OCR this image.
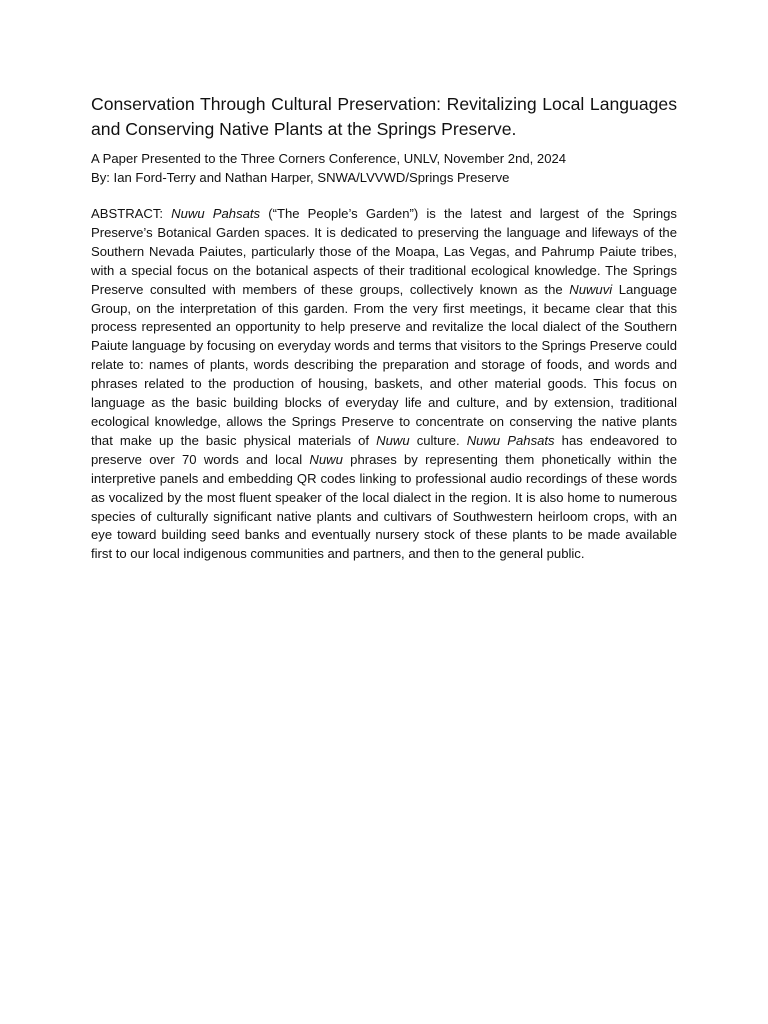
Conservation Through Cultural Preservation: Revitalizing Local Languages and Conserving Native Plants at the Springs Preserve.

A Paper Presented to the Three Corners Conference, UNLV, November 2nd, 2024
By: Ian Ford-Terry and Nathan Harper, SNWA/LVVWD/Springs Preserve

ABSTRACT: Nuwu Pahsats (“The People’s Garden”) is the latest and largest of the Springs Preserve’s Botanical Garden spaces. It is dedicated to preserving the language and lifeways of the Southern Nevada Paiutes, particularly those of the Moapa, Las Vegas, and Pahrump Paiute tribes, with a special focus on the botanical aspects of their traditional ecological knowledge. The Springs Preserve consulted with members of these groups, collectively known as the Nuwuvi Language Group, on the interpretation of this garden. From the very first meetings, it became clear that this process represented an opportunity to help preserve and revitalize the local dialect of the Southern Paiute language by focusing on everyday words and terms that visitors to the Springs Preserve could relate to: names of plants, words describing the preparation and storage of foods, and words and phrases related to the production of housing, baskets, and other material goods. This focus on language as the basic building blocks of everyday life and culture, and by extension, traditional ecological knowledge, allows the Springs Preserve to concentrate on conserving the native plants that make up the basic physical materials of Nuwu culture. Nuwu Pahsats has endeavored to preserve over 70 words and local Nuwu phrases by representing them phonetically within the interpretive panels and embedding QR codes linking to professional audio recordings of these words as vocalized by the most fluent speaker of the local dialect in the region. It is also home to numerous species of culturally significant native plants and cultivars of Southwestern heirloom crops, with an eye toward building seed banks and eventually nursery stock of these plants to be made available first to our local indigenous communities and partners, and then to the general public.
